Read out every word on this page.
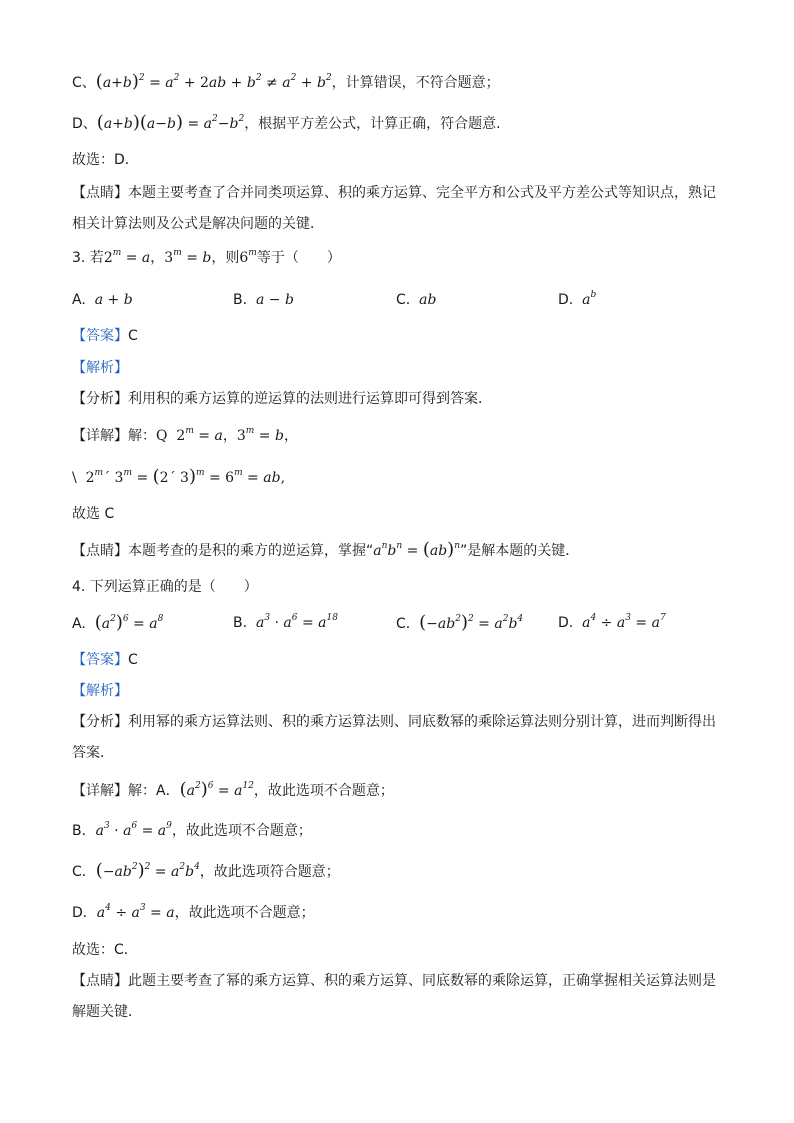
C、$(a+b)^2 = a^2 + 2ab + b^2 \ne a^2 + b^2$，计算错误，不符合题意；
D、$(a+b)(a-b) = a^2-b^2$，根据平方差公式，计算正确，符合题意．
故选：D．
【点睛】本题主要考查了合并同类项运算、积的乘方运算、完全平方和公式及平方差公式等知识点，熟记
相关计算法则及公式是解决问题的关键．
3. 若$2^m = a$，$3^m = b$，则6$^m$等于（　　）
A. a + b	B. a − b	C. ab	D. $a^b$
【答案】C
【解析】
【分析】利用积的乘方运算的逆运算的法则进行运算即可得到答案．
【详解】解：Q $2^m = a$，$3^m = b$，
\ 2$^m$´ $3^m$ = (2´ $3)^m = 6^m$ = ab,
故选 C
【点睛】本题考查的是积的乘方的逆运算，掌握“$a^nb^n = (ab)^n$”是解本题的关键．
4. 下列运算正确的是（　　）
A. $(a^2)^6 = a^8$	B. $a^3 \cdot a^6 = a^{18}$	C. $(-ab^2)^2 = a^2b^4$ D. $a^4 \div a^3 = a^7$
【答案】C
【解析】
【分析】利用幂的乘方运算法则、积的乘方运算法则、同底数幂的乘除运算法则分别计算，进而判断得出
答案．
【详解】解：A．$(a^2)^6 = a^{12}$，故此选项不合题意；
B．$a^3 \cdot a^6 = a^9$，故此选项不合题意；
C．$(-ab^2)^2 = a^2b^4$，故此选项符合题意；
D．$a^4 \div a^3 = a$，故此选项不合题意；
故选：C．
【点睛】此题主要考查了幂的乘方运算、积的乘方运算、同底数幂的乘除运算，正确掌握相关运算法则是
解题关键．
